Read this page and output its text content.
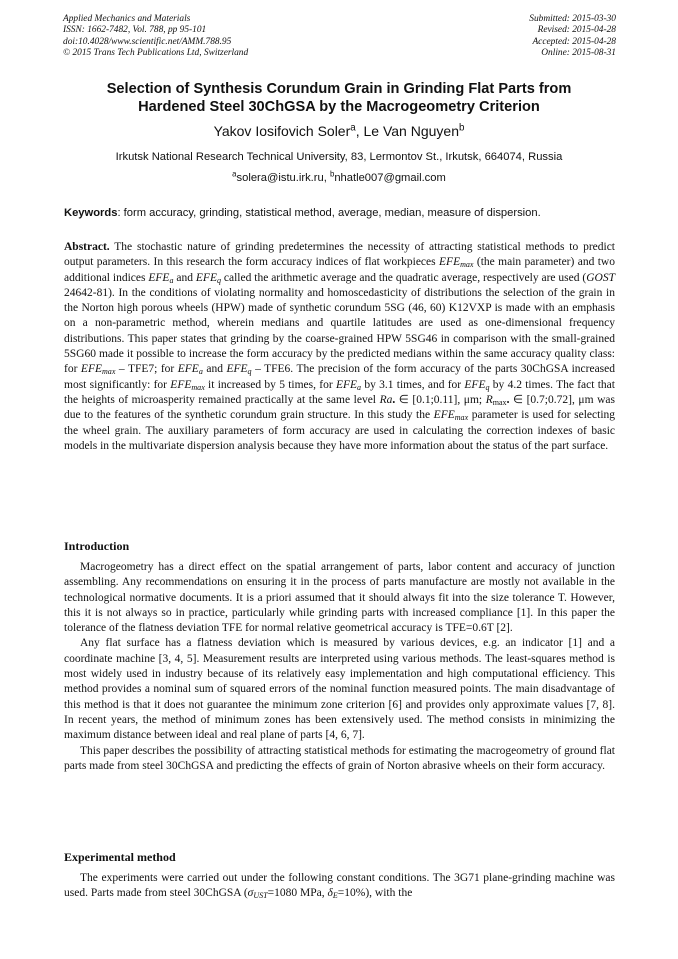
Applied Mechanics and Materials
ISSN: 1662-7482, Vol. 788, pp 95-101
doi:10.4028/www.scientific.net/AMM.788.95
© 2015 Trans Tech Publications Ltd, Switzerland
Submitted: 2015-03-30
Revised: 2015-04-28
Accepted: 2015-04-28
Online: 2015-08-31
Selection of Synthesis Corundum Grain in Grinding Flat Parts from
Hardened Steel 30ChGSA by the Macrogeometry Criterion
Yakov Iosifovich Soler$^a$, Le Van Nguyen$^b$
Irkutsk National Research Technical University, 83, Lermontov St., Irkutsk, 664074, Russia
$^a$solera@istu.irk.ru, $^b$nhatle007@gmail.com
Keywords: form accuracy, grinding, statistical method, average, median, measure of dispersion.

Abstract. The stochastic nature of grinding predetermines the necessity of attracting statistical methods to predict output parameters. In this research the form accuracy indices of flat workpieces $EFE_{max}$ (the main parameter) and two additional indices $EFE_a$ and $EFE_q$ called the arithmetic average and the quadratic average, respectively are used (GOST 24642-81). In the conditions of violating normality and homoscedasticity of distributions the selection of the grain in the Norton high porous wheels (HPW) made of synthetic corundum 5SG (46, 60) K12VXP is made with an emphasis on a non-parametric method, wherein medians and quartile latitudes are used as one-dimensional frequency distributions. This paper states that grinding by the coarse-grained HPW 5SG46 in comparison with the small-grained 5SG60 made it possible to increase the form accuracy by the predicted medians within the same accuracy quality class: for $EFE_{max} - TFE7$; for $EFE_a$ and $EFE_q - TFE6$. The precision of the form accuracy of the parts 30ChGSA increased most significantly: for $EFE_{max}$ it increased by 5 times, for $EFE_a$ by 3.1 times, and for $EFE_q$ by 4.2 times. The fact that the heights of microasperity remained practically at the same level $Ra_•$ ∈ [0.1;0.11], μm; $R_{max•}$ ∈ [0.7;0.72], μm was due to the features of the synthetic corundum grain structure. In this study the $EFE_{max}$ parameter is used for selecting the wheel grain. The auxiliary parameters of form accuracy are used in calculating the correction indexes of basic models in the multivariate dispersion analysis because they have more information about the status of the part surface.

Introduction

Macrogeometry has a direct effect on the spatial arrangement of parts, labor content and accuracy of junction assembling. Any recommendations on ensuring it in the process of parts manufacture are mostly not available in the technological normative documents. It is a priori assumed that it should always fit into the size tolerance T. However, this it is not always so in practice, particularly while grinding parts with increased compliance [1]. In this paper the tolerance of the flatness deviation TFE for normal relative geometrical accuracy is TFE=0.6T [2].

Any flat surface has a flatness deviation which is measured by various devices, e.g. an indicator [1] and a coordinate machine [3, 4, 5]. Measurement results are interpreted using various methods. The least-squares method is most widely used in industry because of its relatively easy implementation and high computational efficiency. This method provides a nominal sum of squared errors of the nominal function measured points. The main disadvantage of this method is that it does not guarantee the minimum zone criterion [6] and provides only approximate values [7, 8]. In recent years, the method of minimum zones has been extensively used. The method consists in minimizing the maximum distance between ideal and real plane of parts [4, 6, 7].

This paper describes the possibility of attracting statistical methods for estimating the macrogeometry of ground flat parts made from steel 30ChGSA and predicting the effects of grain of Norton abrasive wheels on their form accuracy.

Experimental method

The experiments were carried out under the following constant conditions. The 3G71 plane-grinding machine was used. Parts made from steel 30ChGSA ($\sigma_{UST}=1080$ MPa, $\delta_E=10\%$), with the
